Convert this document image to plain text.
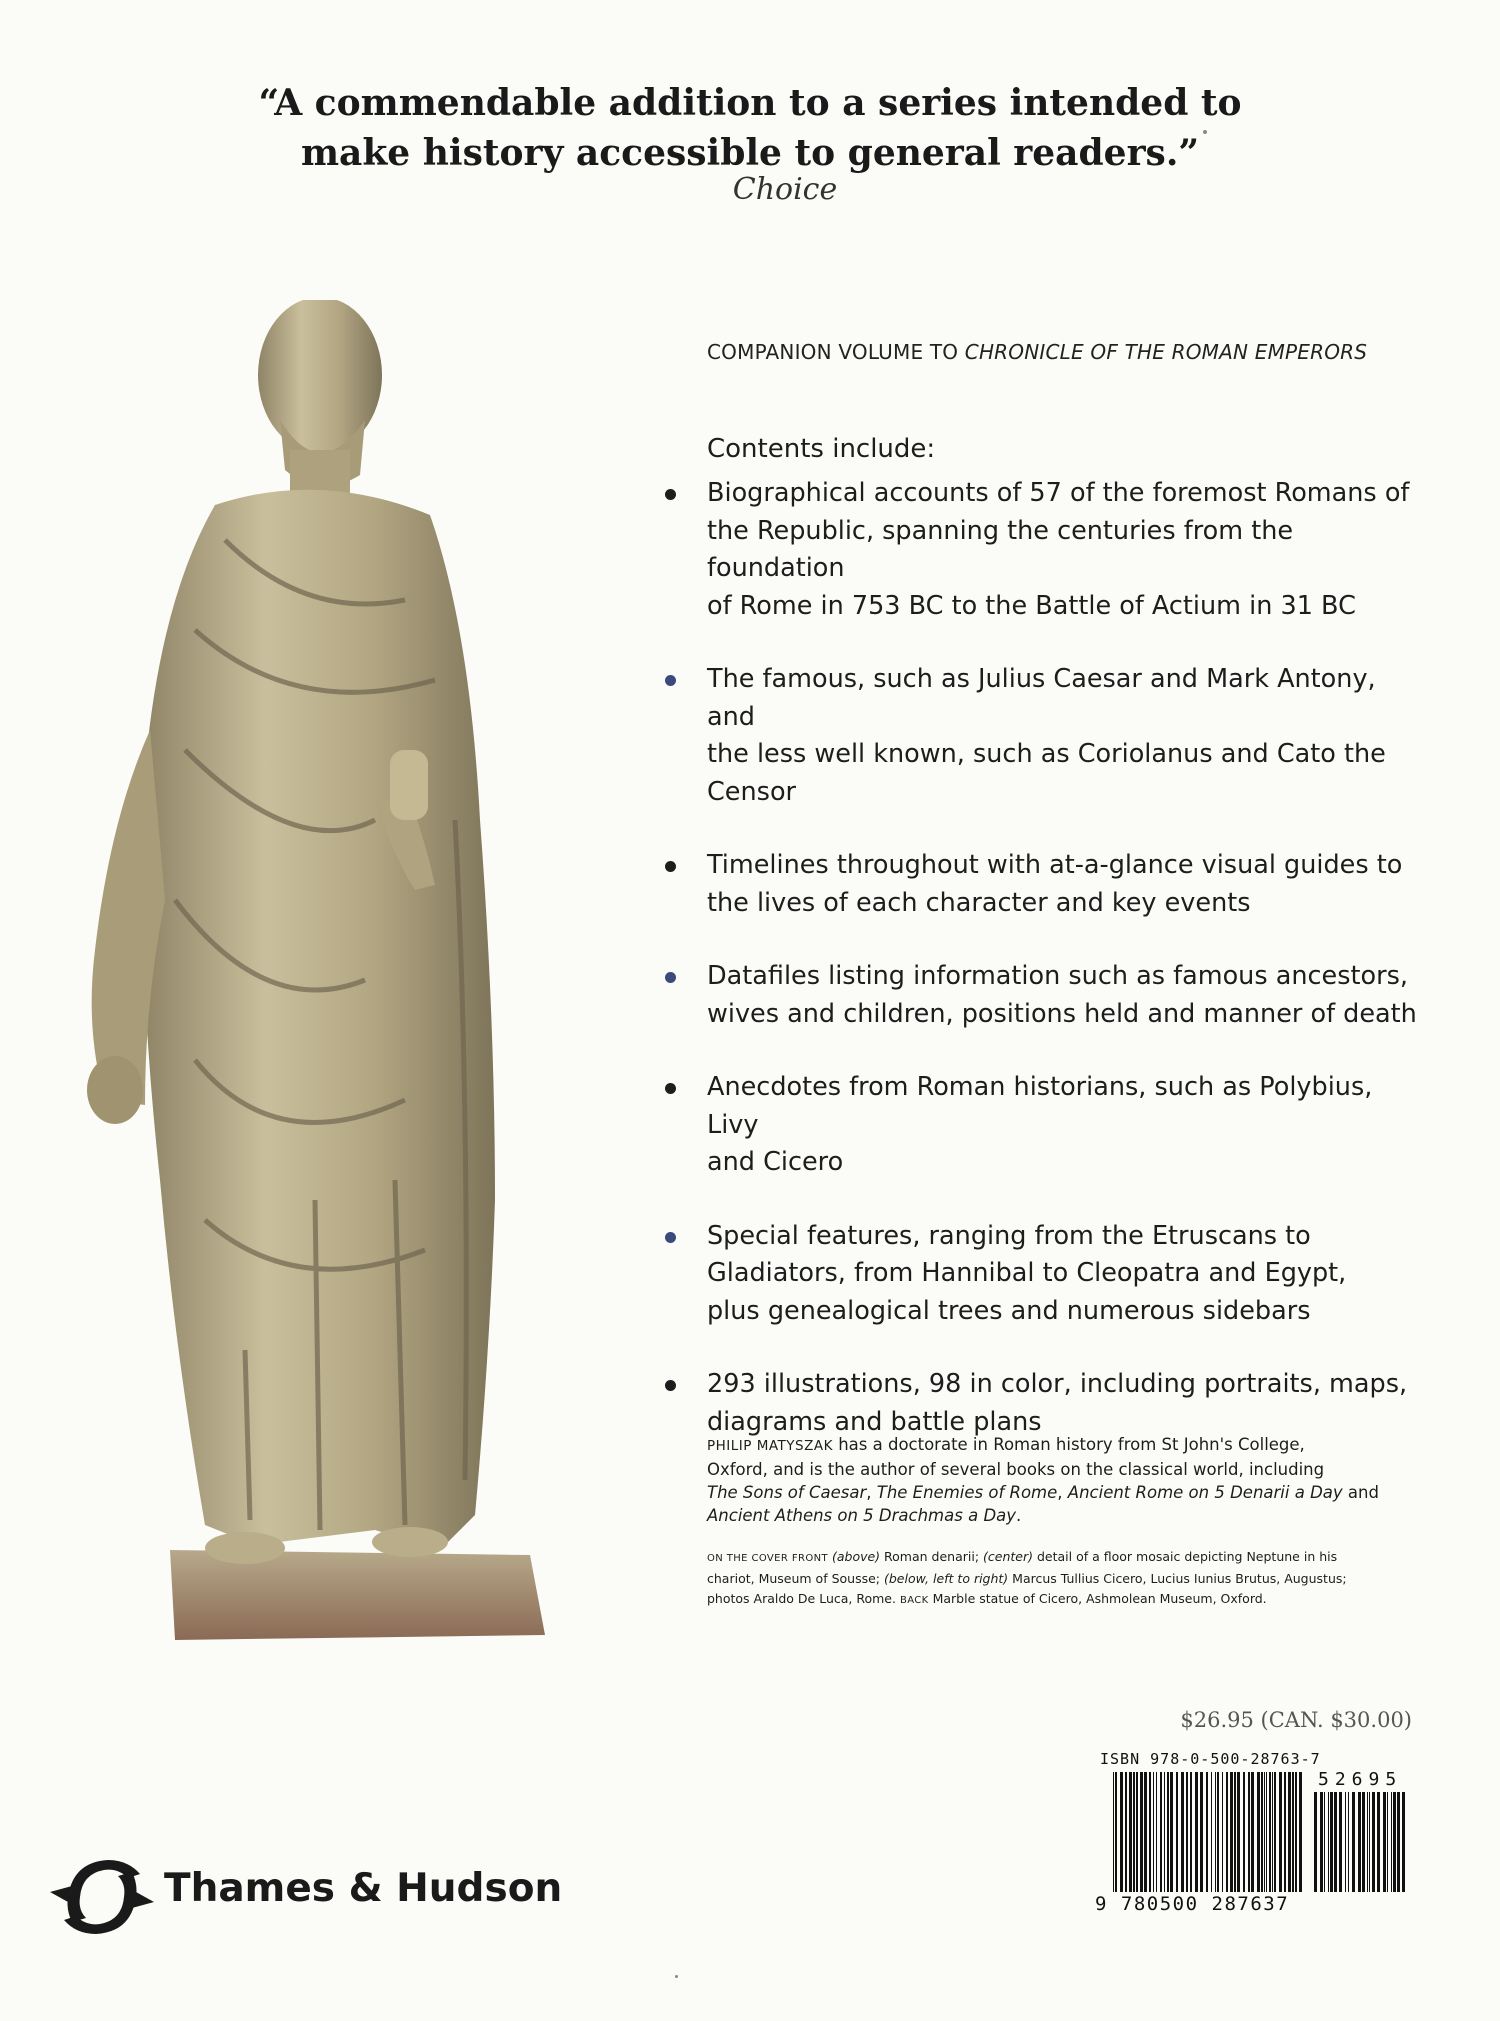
“A commendable addition to a series intended to
make history accessible to general readers.”
Choice
COMPANION VOLUME TO CHRONICLE OF THE ROMAN EMPERORS
Contents include:
Biographical accounts of 57 of the foremost Romans of
the Republic, spanning the centuries from the foundation
of Rome in 753 BC to the Battle of Actium in 31 BC
The famous, such as Julius Caesar and Mark Antony, and
the less well known, such as Coriolanus and Cato the
Censor
Timelines throughout with at-a-glance visual guides to
the lives of each character and key events
Datafiles listing information such as famous ancestors,
wives and children, positions held and manner of death
Anecdotes from Roman historians, such as Polybius, Livy
and Cicero
Special features, ranging from the Etruscans to
Gladiators, from Hannibal to Cleopatra and Egypt,
plus genealogical trees and numerous sidebars
293 illustrations, 98 in color, including portraits, maps,
diagrams and battle plans
PHILIP MATYSZAK has a doctorate in Roman history from St John's College,
Oxford, and is the author of several books on the classical world, including
The Sons of Caesar, The Enemies of Rome, Ancient Rome on 5 Denarii a Day and
Ancient Athens on 5 Drachmas a Day.
ON THE COVER FRONT (above) Roman denarii; (center) detail of a floor mosaic depicting Neptune in his
chariot, Museum of Sousse; (below, left to right) Marcus Tullius Cicero, Lucius Iunius Brutus, Augustus;
photos Araldo De Luca, Rome. BACK Marble statue of Cicero, Ashmolean Museum, Oxford.
$26.95 (CAN. $30.00)
ISBN 978-0-500-28763-7
52695
9 780500 287637
Thames & Hudson
